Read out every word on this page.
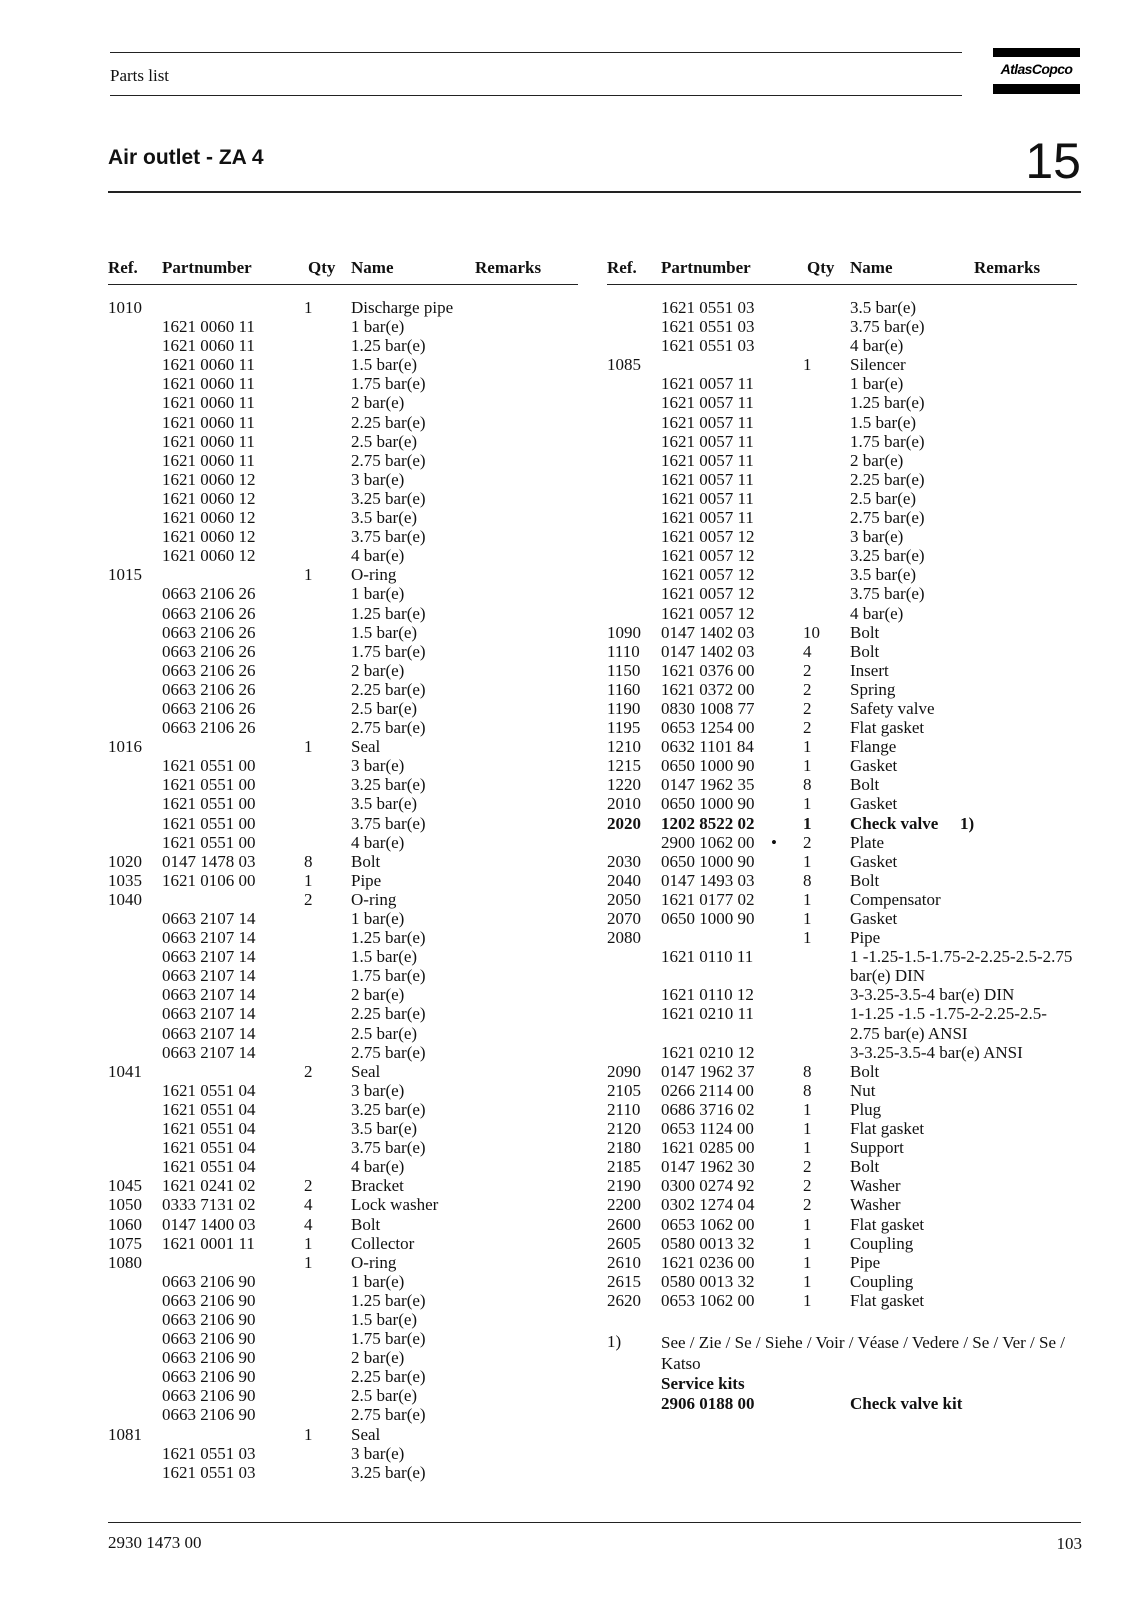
Parts list	AtlasCopco
Air outlet - ZA 4	15
Ref.	Partnumber	Qty Name	Remarks
1010	1	Discharge pipe
1621 0060 11	1 bar(e)
1621 0060 11	1.25 bar(e)
1621 0060 11	1.5 bar(e)
1621 0060 11	1.75 bar(e)
1621 0060 11	2 bar(e)
1621 0060 11	2.25 bar(e)
1621 0060 11	2.5 bar(e)
1621 0060 11	2.75 bar(e)
1621 0060 12	3 bar(e)
1621 0060 12	3.25 bar(e)
1621 0060 12	3.5 bar(e)
1621 0060 12	3.75 bar(e)
1621 0060 12	4 bar(e)
1015	1	O-ring
0663 2106 26	1 bar(e)
0663 2106 26	1.25 bar(e)
0663 2106 26	1.5 bar(e)
0663 2106 26	1.75 bar(e)
0663 2106 26	2 bar(e)
0663 2106 26	2.25 bar(e)
0663 2106 26	2.5 bar(e)
0663 2106 26	2.75 bar(e)
1016	1	Seal
1621 0551 00	3 bar(e)
1621 0551 00	3.25 bar(e)
1621 0551 00	3.5 bar(e)
1621 0551 00	3.75 bar(e)
1621 0551 00	4 bar(e)
1020	0147 1478 03	8	Bolt
1035	1621 0106 00	1	Pipe
1040	2	O-ring
0663 2107 14	1 bar(e)
0663 2107 14	1.25 bar(e)
0663 2107 14	1.5 bar(e)
0663 2107 14	1.75 bar(e)
0663 2107 14	2 bar(e)
0663 2107 14	2.25 bar(e)
0663 2107 14	2.5 bar(e)
0663 2107 14	2.75 bar(e)
1041	2	Seal
1621 0551 04	3 bar(e)
1621 0551 04	3.25 bar(e)
1621 0551 04	3.5 bar(e)
1621 0551 04	3.75 bar(e)
1621 0551 04	4 bar(e)
1045	1621 0241 02	2	Bracket
1050	0333 7131 02	4	Lock washer
1060	0147 1400 03	4	Bolt
1075	1621 0001 11	1	Collector
1080	1	O-ring
0663 2106 90	1 bar(e)
0663 2106 90	1.25 bar(e)
0663 2106 90	1.5 bar(e)
0663 2106 90	1.75 bar(e)
0663 2106 90	2 bar(e)
0663 2106 90	2.25 bar(e)
0663 2106 90	2.5 bar(e)
0663 2106 90	2.75 bar(e)
1081	1	Seal
1621 0551 03	3 bar(e)
1621 0551 03	3.25 bar(e)
Ref.	Partnumber	Qty Name	Remarks
1621 0551 03	3.5 bar(e)
1621 0551 03	3.75 bar(e)
1621 0551 03	4 bar(e)
1085	1	Silencer
1621 0057 11	1 bar(e)
1621 0057 11	1.25 bar(e)
1621 0057 11	1.5 bar(e)
1621 0057 11	1.75 bar(e)
1621 0057 11	2 bar(e)
1621 0057 11	2.25 bar(e)
1621 0057 11	2.5 bar(e)
1621 0057 11	2.75 bar(e)
1621 0057 12	3 bar(e)
1621 0057 12	3.25 bar(e)
1621 0057 12	3.5 bar(e)
1621 0057 12	3.75 bar(e)
1621 0057 12	4 bar(e)
1090	0147 1402 03	10 Bolt
1110	0147 1402 03	4	Bolt
1150	1621 0376 00	2	Insert
1160	1621 0372 00	2	Spring
1190	0830 1008 77	2	Safety valve
1195	0653 1254 00	2	Flat gasket
1210	0632 1101 84	1	Flange
1215	0650 1000 90	1	Gasket
1220	0147 1962 35	8	Bolt
2010	0650 1000 90	1	Gasket
2020	1202 8522 02	1	Check valve 1)
2900 1062 00	2	Plate
•
2030	0650 1000 90	1	Gasket
2040	0147 1493 03	8	Bolt
2050	1621 0177 02	1	Compensator
2070	0650 1000 90	1	Gasket
2080	1	Pipe
1621 0110 11	1 -1.25-1.5-1.75-2-2.25-2.5-2.75
bar(e) DIN
1621 0110 12	3-3.25-3.5-4 bar(e) DIN
1621 0210 11	1-1.25 -1.5 -1.75-2-2.25-2.5-
2.75 bar(e) ANSI
1621 0210 12	3-3.25-3.5-4 bar(e) ANSI
2090	0147 1962 37	8	Bolt
2105	0266 2114 00	8	Nut
2110	0686 3716 02	1	Plug
2120	0653 1124 00	1	Flat gasket
2180	1621 0285 00	1	Support
2185	0147 1962 30	2	Bolt
2190	0300 0274 92	2	Washer
2200	0302 1274 04	2	Washer
2600	0653 1062 00	1	Flat gasket
2605	0580 0013 32	1	Coupling
2610	1621 0236 00	1	Pipe
2615	0580 0013 32	1	Coupling
2620	0653 1062 00	1	Flat gasket
1) See / Zie / Se / Siehe / Voir / Véase / Vedere / Se / Ver / Se / Katso
Service kits
2906 0188 00	Check valve kit
2930 1473 00	103
